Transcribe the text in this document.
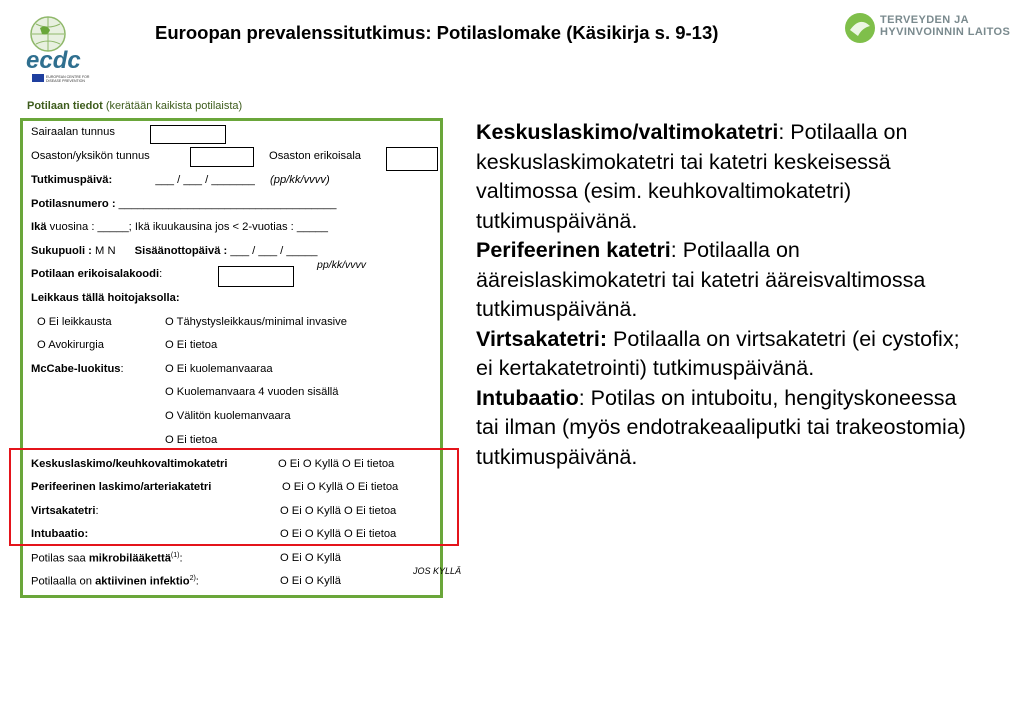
ecdc
EUROPEAN CENTRE FOR
DISEASE PREVENTION
Euroopan prevalenssitutkimus: Potilaslomake (Käsikirja s. 9-13)
TERVEYDEN JA
HYVINVOINNIN LAITOS
Potilaan tiedot (kerätään kaikista potilaista)
Sairaalan tunnus
Osaston/yksikön tunnus	Osaston erikoisala
Tutkimuspäivä:	___ / ___ / _______ (pp/kk/vvvv)
Potilasnumero : ___________________________________
Ikä vuosina : _____; Ikä ikuukausina jos < 2-vuotias : _____
Sukupuoli : M N Sisäänottopäivä : ___ / ___ / _____
pp/kk/vvvv
Potilaan erikoisalakoodi:
Leikkaus tällä hoitojaksolla:
O Ei leikkausta	O Tähystysleikkaus/minimal invasive
O Avokirurgia	O Ei tietoa
McCabe-luokitus:	O Ei kuolemanvaaraa
O Kuolemanvaara 4 vuoden sisällä
O Välitön kuolemanvaara
O Ei tietoa
Keskuslaskimo/keuhkovaltimokatetri	O Ei O Kyllä O Ei tietoa
Perifeerinen laskimo/arteriakatetri	O Ei O Kyllä O Ei tietoa
Virtsakatetri:	O Ei O Kyllä O Ei tietoa
Intubaatio:	O Ei O Kyllä O Ei tietoa
Potilas saa mikrobilääkettä$^{(1)}$:	O Ei O Kyllä
Potilaalla on aktiivinen infektio$^{2)}$:	O Ei O Kyllä
JOS KYLLÄ

Keskuslaskimo/valtimokatetri: Potilaalla on keskuslaskimokatetri tai katetri keskeisessä valtimossa (esim. keuhkovaltimokatetri) tutkimuspäivänä.

Perifeerinen katetri: Potilaalla on ääreislaskimokatetri tai katetri ääreisvaltimossa tutkimuspäivänä.

Virtsakatetri: Potilaalla on virtsakatetri (ei cystofix; ei kertakatetrointi) tutkimuspäivänä.

Intubaatio: Potilas on intuboitu, hengityskoneessa tai ilman (myös endotrakeaaliputki tai trakeostomia) tutkimuspäivänä.
